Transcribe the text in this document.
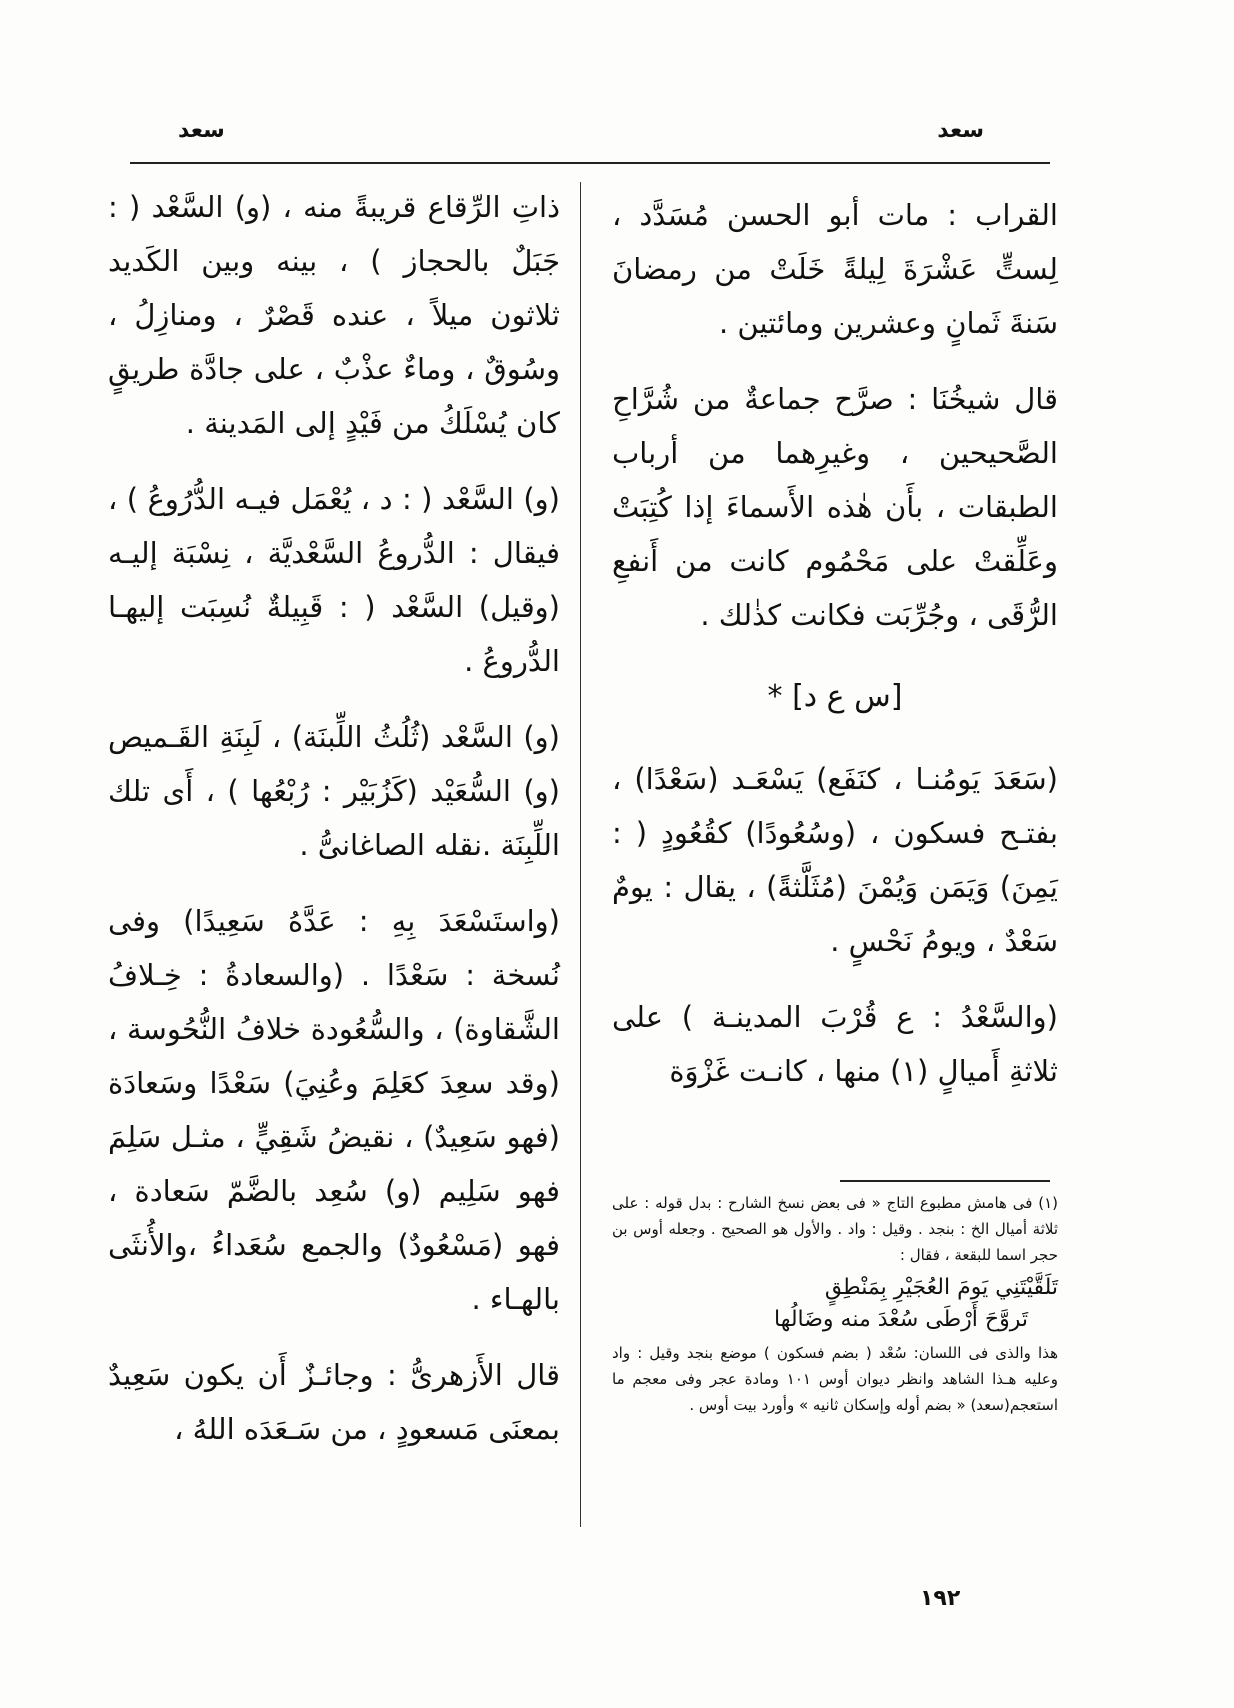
سعد
سعد

القراب : مات أبو الحسن مُسَدَّد ، لِستٍّ عَشْرَةَ لِيلةً خَلَتْ من رمضانَ سَنةَ ثَمانٍ وعشرين ومائتين .

قال شيخُنَا : صرَّح جماعةٌ من شُرَّاحِ الصَّحيحين ، وغيرِهما من أرباب الطبقات ، بأَن هٰذه الأَسماءَ إذا كُتِبَتْ وعَلِّقتْ على مَحْمُوم كانت من أَنفعِ الرُّقَى ، وجُرِّبَت فكانت كذٰلك .

[س ع د] *

(سَعَدَ يَومُنـا ، كنَفَع) يَسْعَـد (سَعْدًا) ، بفتـح فسكون ، (وسُعُودًا) كقُعُودٍ ( : يَمِنَ) وَيَمَن وَيُمْنَ (مُثَلَّثةً) ، يقال : يومٌ سَعْدٌ ، ويومُ نَحْسٍ .

(والسَّعْدُ : ع قُرْبَ المدينـة ) على ثلاثةِ أَميالٍ (١) منها ، كانـت غَزْوَة

(١) فى هامش مطبوع التاج « فى بعض نسخ الشارح : بدل قوله : على ثلاثة أميال الخ : بنجد . وقيل : واد . والأول هو الصحيح . وجعله أوس بن حجر اسما للبقعة ، فقال :

تَلَقَّيْتَنِي يَومَ العُجَيْرِ بِمَنْطِقٍ
تَروَّحَ أَرْطَى سُعْدَ منه وضَالُها

هذا والذى فى اللسان: سُعْد ( بضم فسكون ) موضع بنجد وقيل : واد وعليه هـذا الشاهد وانظر ديوان أوس ١٠١ ومادة عجر وفى معجم ما استعجم(سعد) « بضم أوله وإسكان ثانيه » وأورد بيت أوس .

ذاتِ الرِّقاع قريبةً منه ، (و) السَّعْد ( : جَبَلٌ بالحجاز ) ، بينه وبين الكَديد ثلاثون ميلاً ، عنده قَصْرٌ ، ومنازِلُ ، وسُوقٌ ، وماءٌ عذْبٌ ، على جادَّة طريقٍ كان يُسْلَكُ من فَيْدٍ إلى المَدينة .

(و) السَّعْد ( : د ، يُعْمَل فيـه الدُّرُوعُ ) ، فيقال : الدُّروعُ السَّعْديَّة ، نِسْبَة إليـه (وقيل) السَّعْد ( : قَبِيلةٌ نُسِبَت إليهـا الدُّروعُ .

(و) السَّعْد (ثُلُثُ اللِّبنَة) ، لَبِنَةِ القَـميص (و) السُّعَيْد (كَزُبَيْر : رُبْعُها ) ، أَى تلك اللِّبِنَة .نقله الصاغانىُّ .

(واستَسْعَدَ بِهِ : عَدَّهُ سَعِيدًا) وفى نُسخة : سَعْدًا . (والسعادةُ : خِـلافُ الشَّقاوة) ، والسُّعُودة خلافُ النُّحُوسة ، (وقد سعِدَ كعَلِمَ وعُنِيَ) سَعْدًا وسَعادَة (فهو سَعِيدٌ) ، نقيضُ شَقِيٍّ ، مثـل سَلِمَ فهو سَلِيم (و) سُعِد بالضَّمّ سَعادة ، فهو (مَسْعُودٌ) والجمع سُعَداءُ ،والأُنثَى بالهـاء .

قال الأَزهرىُّ : وجائـزٌ أَن يكون سَعِيدٌ بمعنَى مَسعودٍ ، من سَـعَدَه اللهُ ،

١٩٢
